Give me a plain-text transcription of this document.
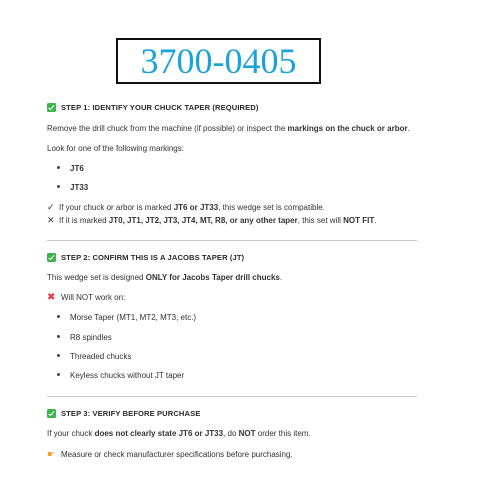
3700-0405
STEP 1: IDENTIFY YOUR CHUCK TAPER (REQUIRED)
Remove the drill chuck from the machine (if possible) or inspect the markings on the chuck or arbor.
Look for one of the following markings:
JT6
JT33
✓ If your chuck or arbor is marked JT6 or JT33, this wedge set is compatible.
✕ If it is marked JT0, JT1, JT2, JT3, JT4, MT, R8, or any other taper, this set will NOT FIT.
STEP 2: CONFIRM THIS IS A JACOBS TAPER (JT)
This wedge set is designed ONLY for Jacobs Taper drill chucks.
✖ Will NOT work on:
Morse Taper (MT1, MT2, MT3, etc.)
R8 spindles
Threaded chucks
Keyless chucks without JT taper
STEP 3: VERIFY BEFORE PURCHASE
If your chuck does not clearly state JT6 or JT33, do NOT order this item.
☛ Measure or check manufacturer specifications before purchasing.
